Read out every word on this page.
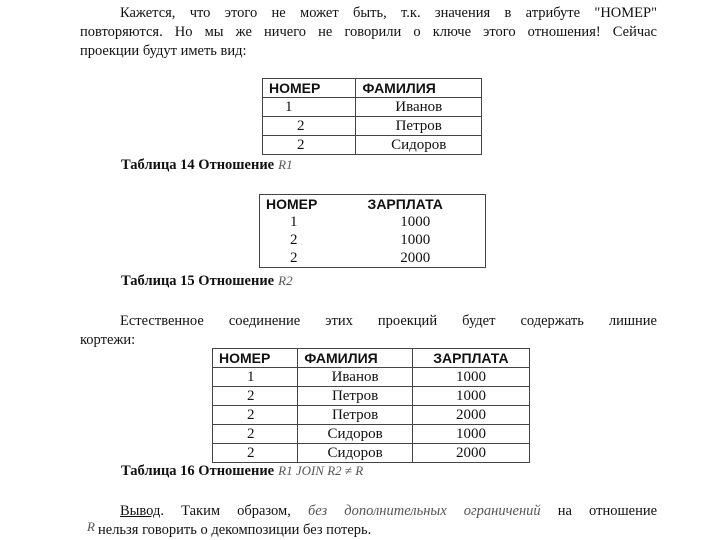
Кажется, что этого не может быть, т.к. значения в атрибуте "НОМЕР"
повторяются. Но мы же ничего не говорили о ключе этого отношения! Сейчас
проекции будут иметь вид:
НОМЕР	ФАМИЛИЯ
1	Иванов
2	Петров
2	Сидоров
Таблица 14 Отношение R1
НОМЕР	ЗАРПЛАТА
1	1000
2	1000
2	2000
Таблица 15 Отношение R2
Естественное соединение этих проекций будет содержать лишние
кортежи:
НОМЕР	ФАМИЛИЯ	ЗАРПЛАТА
1	Иванов	1000
2	Петров	1000
2	Петров	2000
2	Сидоров	1000
2	Сидоров	2000
Таблица 16 Отношение R1 JOIN R2 ≠ R
Вывод. Таким образом, без дополнительных ограничений на отношение
нельзя говорить о декомпозиции без потерь.
R
